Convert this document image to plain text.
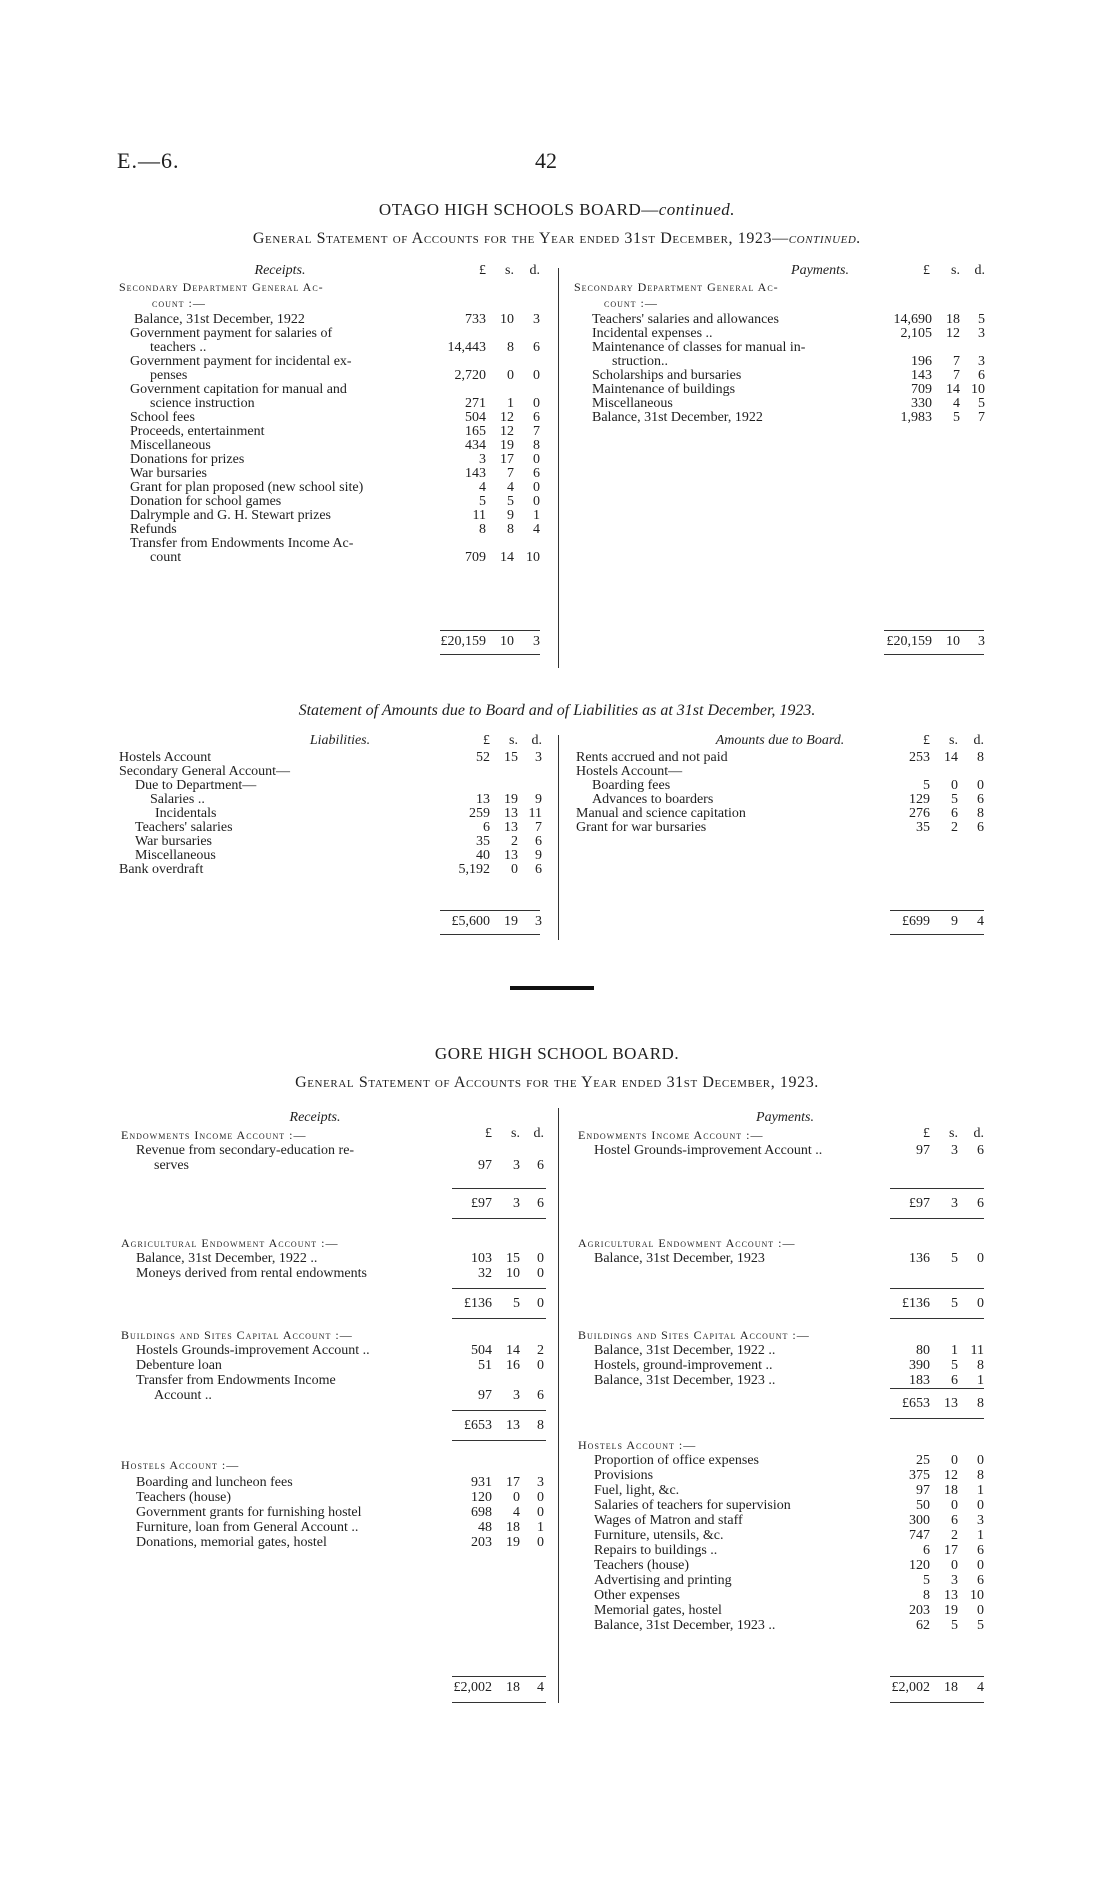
E.—6.	42
OTAGO HIGH SCHOOLS BOARD—continued.
General Statement of Accounts for the Year ended 31st December, 1923—continued.
Receipts.	£	s.	d.
Secondary Department General Ac-
count :—
Balance, 31st December, 1922	733	10	3
Government payment for salaries of
teachers ..	14,443	8	6
Government payment for incidental ex-
penses	2,720	0	0
Government capitation for manual and
science instruction	271	1	0
School fees	504	12	6
Proceeds, entertainment	165	12	7
Miscellaneous	434	19	8
Donations for prizes	3	17	0
War bursaries	143	7	6
Grant for plan proposed (new school site)	4	4	0
Donation for school games	5	5	0
Dalrymple and G. H. Stewart prizes	11	9	1
Refunds	8	8	4
Transfer from Endowments Income Ac-
count	709	14 10
£20,159	10	3
Payments.	£	s.	d.
Secondary Department General Ac-
count :—
Teachers' salaries and allowances	14,690	18	5
Incidental expenses ..	2,105	12	3
Maintenance of classes for manual in-
struction..	196	7	3
Scholarships and bursaries	143	7	6
Maintenance of buildings	709	14 10
Miscellaneous	330	4	5
Balance, 31st December, 1922	1,983	5	7
£20,159	10	3
Statement of Amounts due to Board and of Liabilities as at 31st December, 1923.
Liabilities.	£	s. d.
Hostels Account	52	15	3
Secondary General Account—
Due to Department—
Salaries ..	13	19	9
Incidentals	259	13 11
Teachers' salaries	6	13	7
War bursaries	35	2	6
Miscellaneous	40	13	9
Bank overdraft	5,192	0	6
£5,600	19	3
Amounts due to Board.	£	s.	d.
Rents accrued and not paid	253	14	8
Hostels Account—
Boarding fees	5	0	0
Advances to boarders	129	5	6
Manual and science capitation	276	6	8
Grant for war bursaries	35	2	6
£699	9	4
GORE HIGH SCHOOL BOARD.
General Statement of Accounts for the Year ended 31st December, 1923.
Receipts.	Payments.
£	s. d.	£	s.	d.
Endowments Income Account :—
Revenue from secondary-education re-
serves	97	3	6
£97	3	6
Agricultural Endowment Account :—
Balance, 31st December, 1922 ..	103	15	0
Moneys derived from rental endowments	32	10	0
£136	5	0
Buildings and Sites Capital Account :—
Hostels Grounds-improvement Account ..	504	14	2
Debenture loan	51	16	0
Transfer from Endowments Income
Account ..	97	3	6
£653	13	8
Hostels Account :—
Boarding and luncheon fees	931	17	3
Teachers (house)	120	0	0
Government grants for furnishing hostel	698	4	0
Furniture, loan from General Account ..	48	18	1
Donations, memorial gates, hostel	203	19	0
£2,002	18	4
Endowments Income Account :—
Hostel Grounds-improvement Account ..	97	3	6
£97	3	6
Agricultural Endowment Account :—
Balance, 31st December, 1923	136	5	0
£136	5	0
Buildings and Sites Capital Account :—
Balance, 31st December, 1922 ..	80	1 11
Hostels, ground-improvement ..	390	5	8
Balance, 31st December, 1923 ..	183	6	1
£653	13	8
Hostels Account :—
Proportion of office expenses	25	0	0
Provisions	375	12	8
Fuel, light, &c.	97	18	1
Salaries of teachers for supervision	50	0	0
Wages of Matron and staff	300	6	3
Furniture, utensils, &c.	747	2	1
Repairs to buildings ..	6	17	6
Teachers (house)	120	0	0
Advertising and printing	5	3	6
Other expenses	8	13 10
Memorial gates, hostel	203	19	0
Balance, 31st December, 1923 ..	62	5	5
£2,002	18	4
